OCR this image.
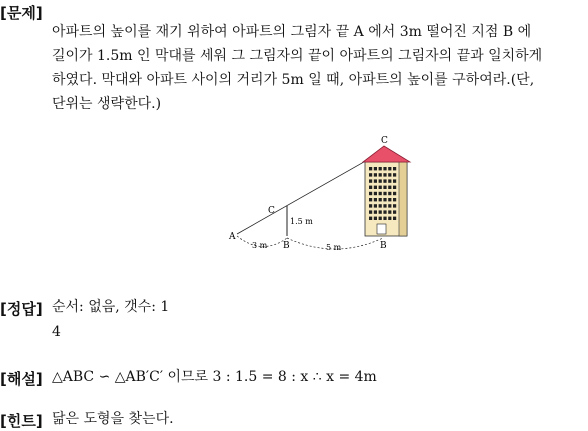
[문제]

아파트의 높이를 재기 위하여 아파트의 그림자 끝 A 에서 3m 떨어진 지점 B 에

길이가 1.5m 인 막대를 세워 그 그림자의 끝이 아파트의 그림자의 끝과 일치하게

하였다. 막대와 아파트 사이의 거리가 5m 일 때, 아파트의 높이를 구하여라.(단,

단위는 생략한다.)

A
B	B
C
C
1.5 m
3 m	5 m
[정답] 순서: 없음, 갯수: 1
4
[해설] △ABC ∽ △AB′C′ 이므로 3 : 1.5 = 8 : x ∴ x = 4m
[힌트] 닮은 도형을 찾는다.
